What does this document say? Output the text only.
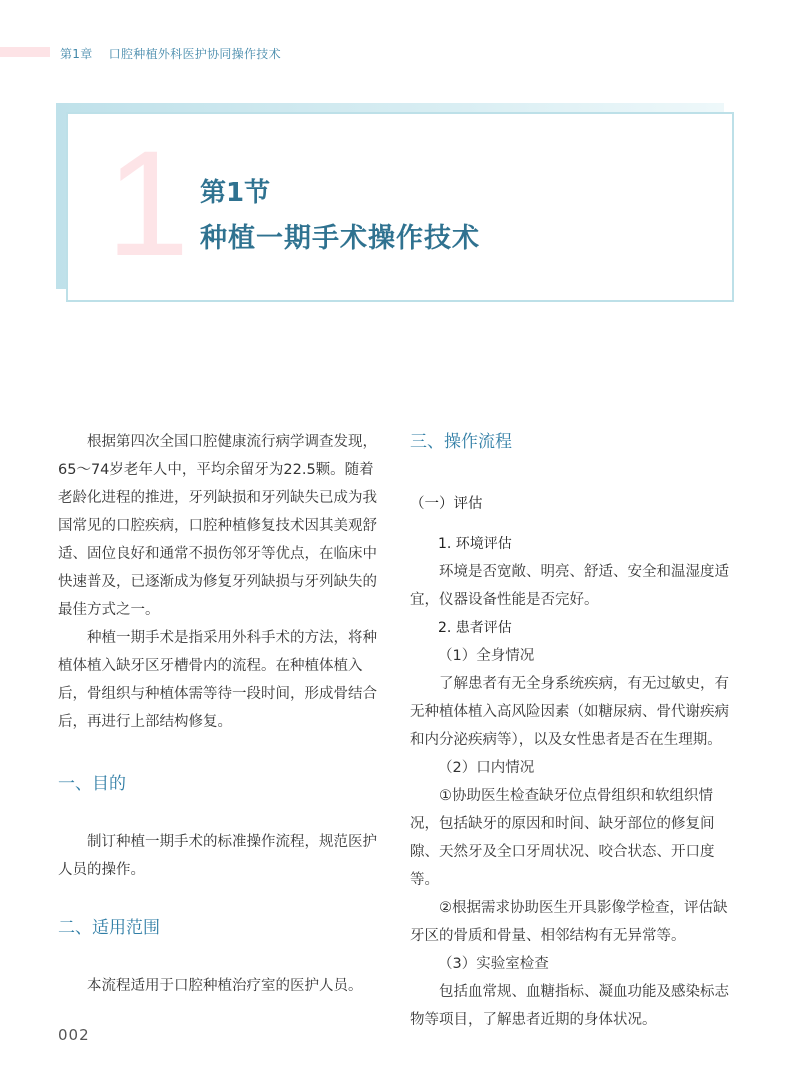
第1章 口腔种植外科医护协同操作技术
1 第1节
种植一期手术操作技术

根据第四次全国口腔健康流行病学调查发现，65～74岁老年人中，平均余留牙为22.5颗。随着老龄化进程的推进，牙列缺损和牙列缺失已成为我国常见的口腔疾病，口腔种植修复技术因其美观舒适、固位良好和通常不损伤邻牙等优点，在临床中快速普及，已逐渐成为修复牙列缺损与牙列缺失的最佳方式之一。

种植一期手术是指采用外科手术的方法，将种植体植入缺牙区牙槽骨内的流程。在种植体植入后，骨组织与种植体需等待一段时间，形成骨结合后，再进行上部结构修复。

一、目的

制订种植一期手术的标准操作流程，规范医护人员的操作。

二、适用范围

本流程适用于口腔种植治疗室的医护人员。

三、操作流程

（一）评估

1. 环境评估

环境是否宽敞、明亮、舒适、安全和温湿度适宜，仪器设备性能是否完好。

2. 患者评估

（1）全身情况

了解患者有无全身系统疾病，有无过敏史，有无种植体植入高风险因素（如糖尿病、骨代谢疾病和内分泌疾病等），以及女性患者是否在生理期。

（2）口内情况

①协助医生检查缺牙位点骨组织和软组织情况，包括缺牙的原因和时间、缺牙部位的修复间隙、天然牙及全口牙周状况、咬合状态、开口度等。

②根据需求协助医生开具影像学检查，评估缺牙区的骨质和骨量、相邻结构有无异常等。

（3）实验室检查

包括血常规、血糖指标、凝血功能及感染标志物等项目，了解患者近期的身体状况。

002
